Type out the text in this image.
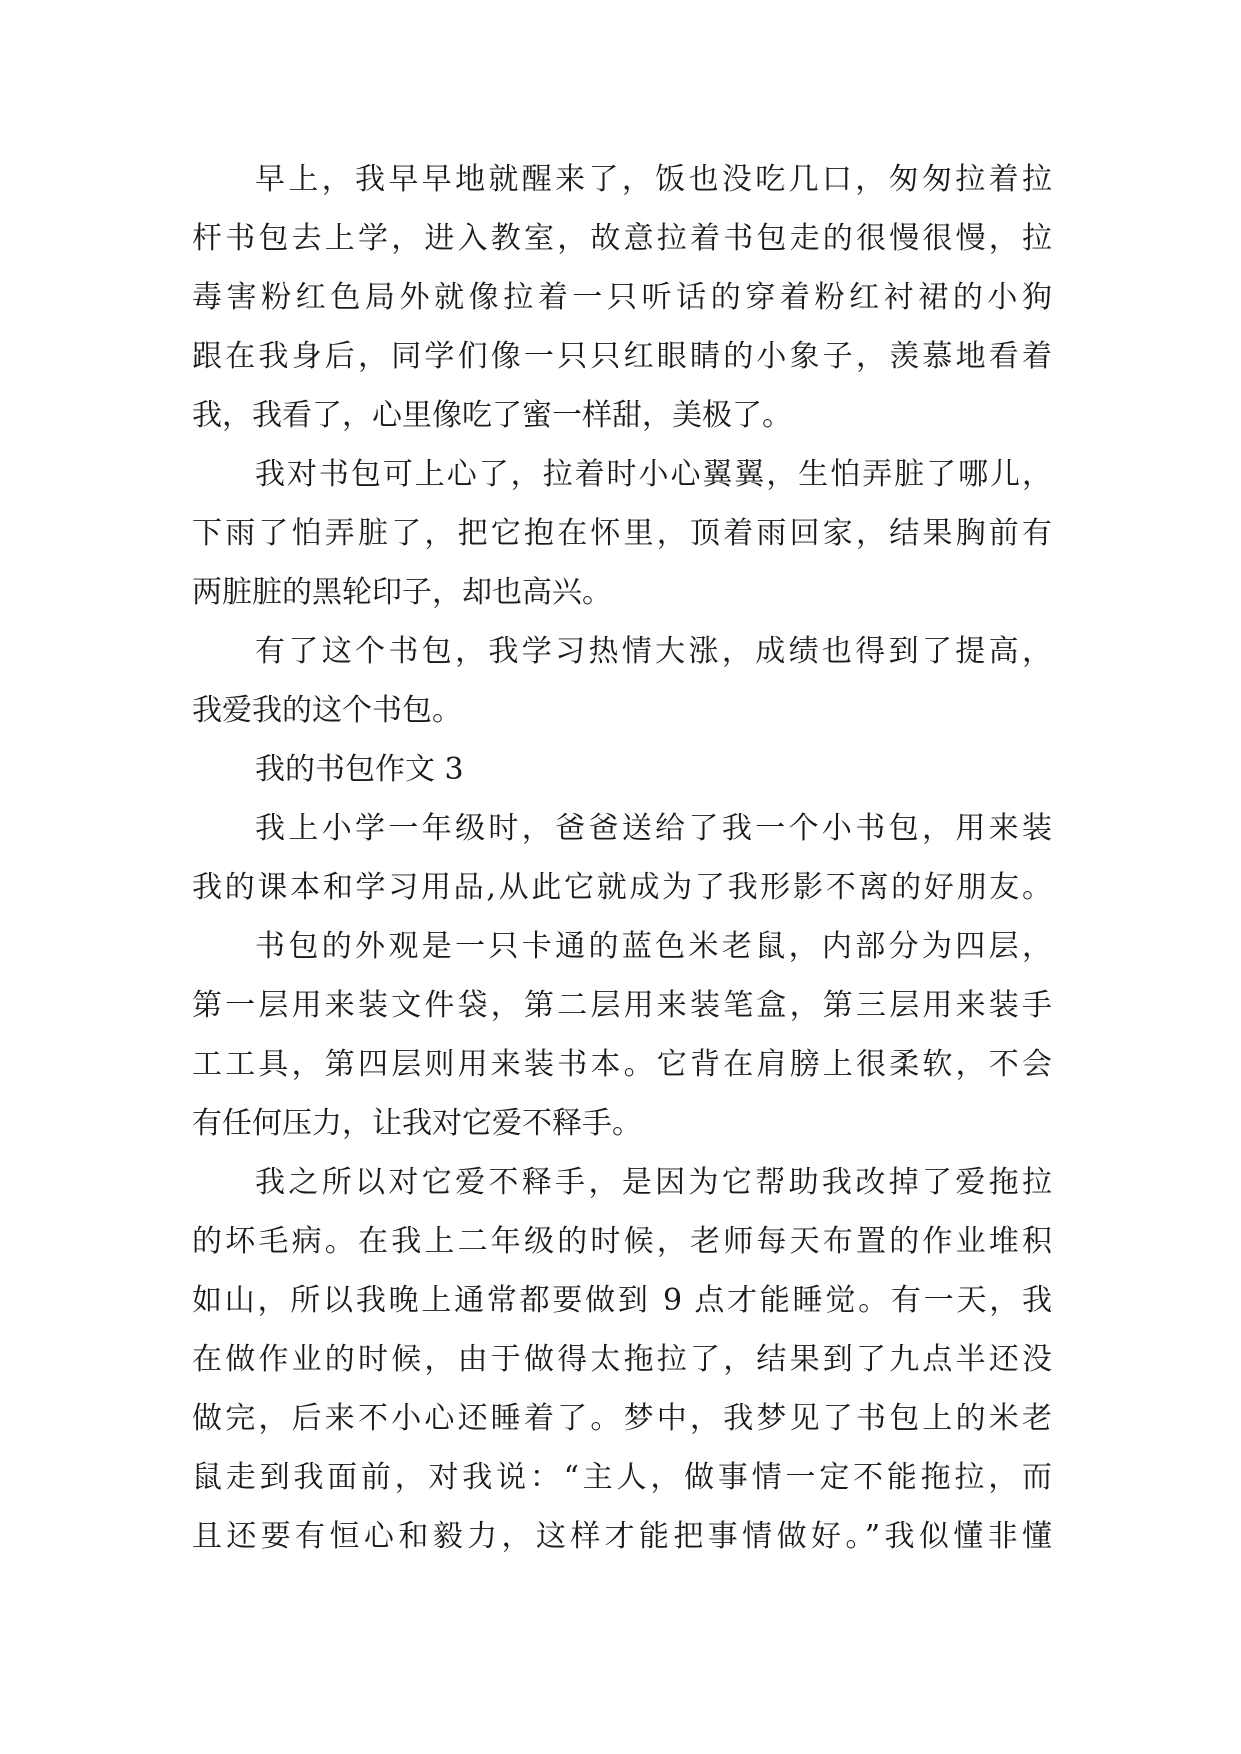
早上，我早早地就醒来了，饭也没吃几口，匆匆拉着拉
杆书包去上学，进入教室，故意拉着书包走的很慢很慢，拉
毒害粉红色局外就像拉着一只听话的穿着粉红衬裙的小狗
跟在我身后，同学们像一只只红眼睛的小象子，羡慕地看着
我，我看了，心里像吃了蜜一样甜，美极了。
我对书包可上心了，拉着时小心翼翼，生怕弄脏了哪儿，
下雨了怕弄脏了，把它抱在怀里，顶着雨回家，结果胸前有
两脏脏的黑轮印子，却也高兴。
有了这个书包，我学习热情大涨，成绩也得到了提高，
我爱我的这个书包。
我的书包作文 3
我上小学一年级时，爸爸送给了我一个小书包，用来装
我的课本和学习用品,从此它就成为了我形影不离的好朋友。
书包的外观是一只卡通的蓝色米老鼠，内部分为四层，
第一层用来装文件袋，第二层用来装笔盒，第三层用来装手
工工具，第四层则用来装书本。它背在肩膀上很柔软，不会
有任何压力，让我对它爱不释手。
我之所以对它爱不释手，是因为它帮助我改掉了爱拖拉
的坏毛病。在我上二年级的时候，老师每天布置的作业堆积
如山，所以我晚上通常都要做到 9 点才能睡觉。有一天，我
在做作业的时候，由于做得太拖拉了，结果到了九点半还没
做完，后来不小心还睡着了。梦中，我梦见了书包上的米老
鼠走到我面前，对我说：“主人，做事情一定不能拖拉，而
且还要有恒心和毅力，这样才能把事情做好。”我似懂非懂
